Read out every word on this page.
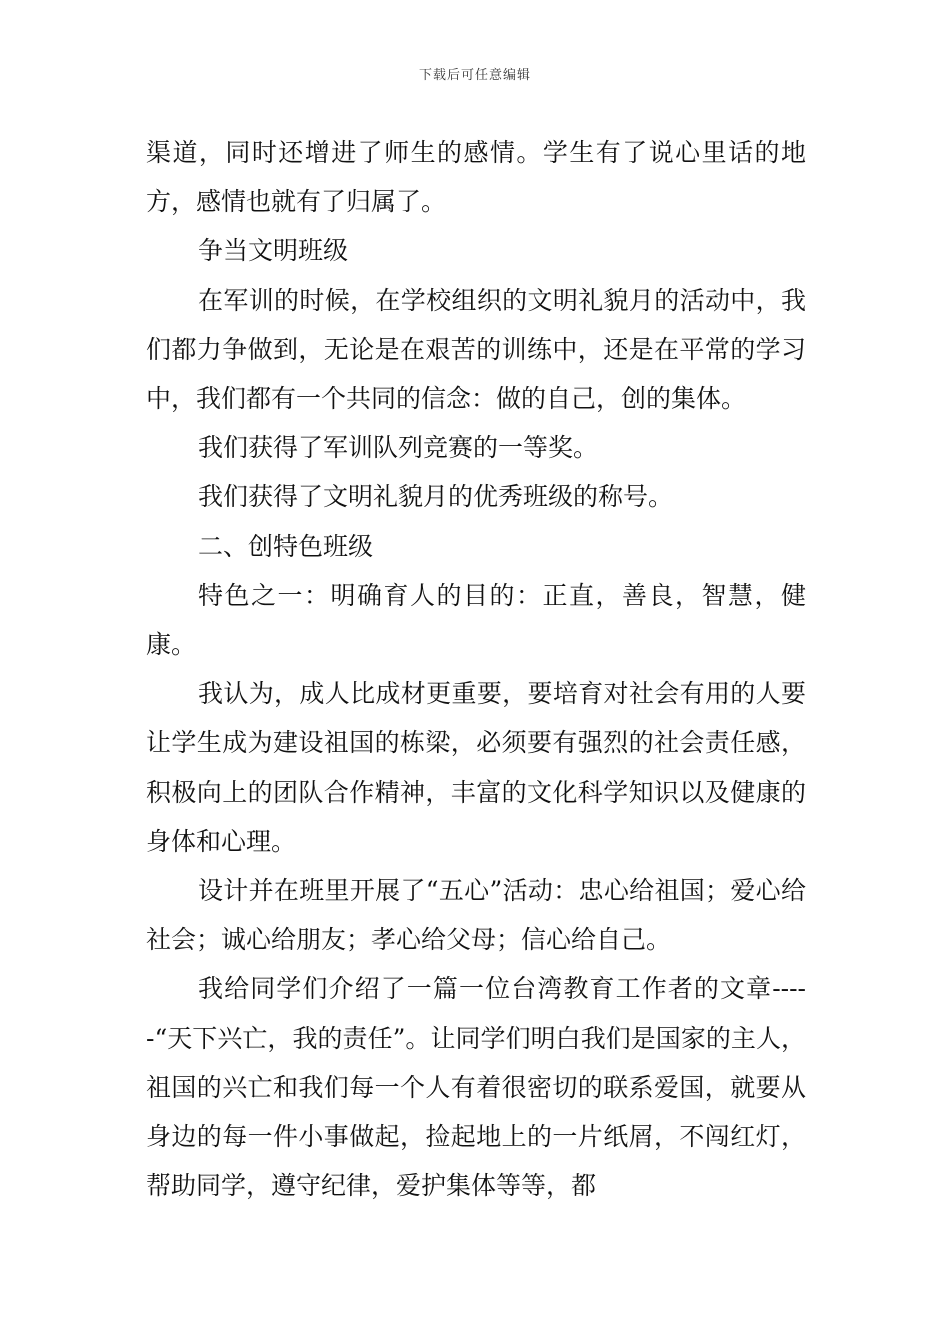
下载后可任意编辑

渠道，同时还增进了师生的感情。学生有了说心里话的地方，感情也就有了归属了。

争当文明班级

在军训的时候，在学校组织的文明礼貌月的活动中，我们都力争做到，无论是在艰苦的训练中，还是在平常的学习中，我们都有一个共同的信念：做的自己，创的集体。

我们获得了军训队列竞赛的一等奖。

我们获得了文明礼貌月的优秀班级的称号。

二、创特色班级

特色之一：明确育人的目的：正直，善良，智慧，健康。

我认为，成人比成材更重要，要培育对社会有用的人要让学生成为建设祖国的栋梁，必须要有强烈的社会责任感，积极向上的团队合作精神，丰富的文化科学知识以及健康的身体和心理。

设计并在班里开展了“五心”活动：忠心给祖国；爱心给社会；诚心给朋友；孝心给父母；信心给自己。

我给同学们介绍了一篇一位台湾教育工作者的文章-----“天下兴亡，我的责任”。让同学们明白我们是国家的主人，祖国的兴亡和我们每一个人有着很密切的联系爱国，就要从身边的每一件小事做起，捡起地上的一片纸屑，不闯红灯，帮助同学，遵守纪律，爱护集体等等，都
